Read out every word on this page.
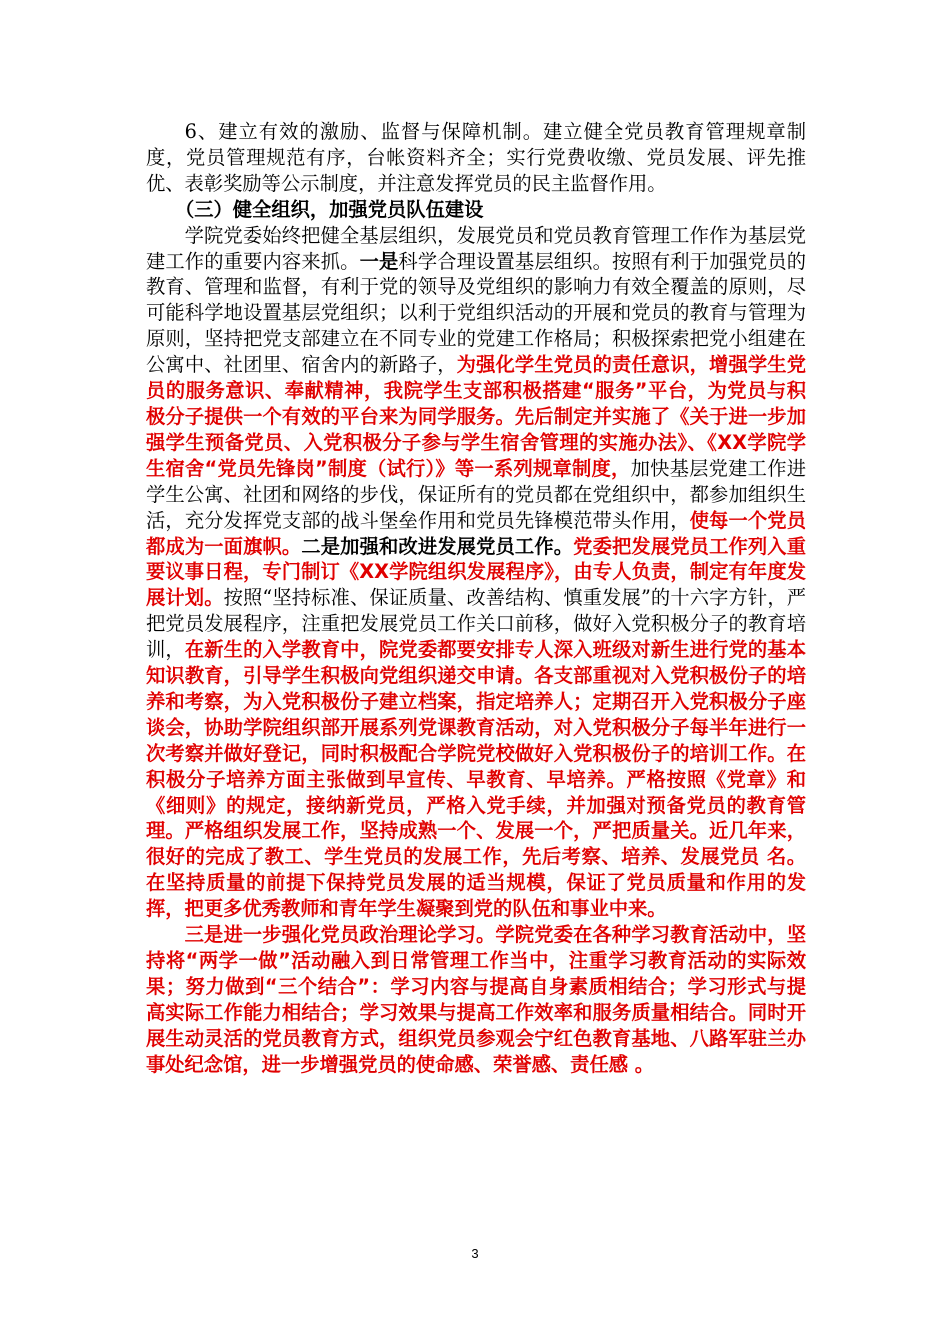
6、建立有效的激励、监督与保障机制。建立健全党员教育管理规章制度，党员管理规范有序，台帐资料齐全；实行党费收缴、党员发展、评先推优、表彰奖励等公示制度，并注意发挥党员的民主监督作用。

（三）健全组织，加强党员队伍建设

学院党委始终把健全基层组织，发展党员和党员教育管理工作作为基层党建工作的重要内容来抓。一是科学合理设置基层组织。按照有利于加强党员的教育、管理和监督，有利于党的领导及党组织的影响力有效全覆盖的原则，尽可能科学地设置基层党组织；以利于党组织活动的开展和党员的教育与管理为原则，坚持把党支部建立在不同专业的党建工作格局；积极探索把党小组建在公寓中、社团里、宿舍内的新路子，为强化学生党员的责任意识，增强学生党员的服务意识、奉献精神，我院学生支部积极搭建“服务”平台，为党员与积极分子提供一个有效的平台来为同学服务。先后制定并实施了《关于进一步加强学生预备党员、入党积极分子参与学生宿舍管理的实施办法》、《XX学院学生宿舍“党员先锋岗”制度（试行）》等一系列规章制度，加快基层党建工作进学生公寓、社团和网络的步伐，保证所有的党员都在党组织中，都参加组织生活，充分发挥党支部的战斗堡垒作用和党员先锋模范带头作用，使每一个党员都成为一面旗帜。二是加强和改进发展党员工作。党委把发展党员工作列入重要议事日程，专门制订《XX学院组织发展程序》，由专人负责，制定有年度发展计划。按照“坚持标准、保证质量、改善结构、慎重发展”的十六字方针，严把党员发展程序，注重把发展党员工作关口前移，做好入党积极分子的教育培训，在新生的入学教育中，院党委都要安排专人深入班级对新生进行党的基本知识教育，引导学生积极向党组织递交申请。各支部重视对入党积极份子的培养和考察，为入党积极份子建立档案，指定培养人；定期召开入党积极分子座谈会，协助学院组织部开展系列党课教育活动，对入党积极分子每半年进行一次考察并做好登记，同时积极配合学院党校做好入党积极份子的培训工作。在积极分子培养方面主张做到早宣传、早教育、早培养。严格按照《党章》和《细则》的规定，接纳新党员，严格入党手续，并加强对预备党员的教育管理。严格组织发展工作，坚持成熟一个、发展一个，严把质量关。近几年来，很好的完成了教工、学生党员的发展工作，先后考察、培养、发展党员 名。在坚持质量的前提下保持党员发展的适当规模，保证了党员质量和作用的发挥，把更多优秀教师和青年学生凝聚到党的队伍和事业中来。

三是进一步强化党员政治理论学习。学院党委在各种学习教育活动中，坚持将“两学一做”活动融入到日常管理工作当中，注重学习教育活动的实际效果；努力做到“三个结合”：学习内容与提高自身素质相结合；学习形式与提高实际工作能力相结合；学习效果与提高工作效率和服务质量相结合。同时开展生动灵活的党员教育方式，组织党员参观会宁红色教育基地、八路军驻兰办事处纪念馆，进一步增强党员的使命感、荣誉感、责任感 。

3
